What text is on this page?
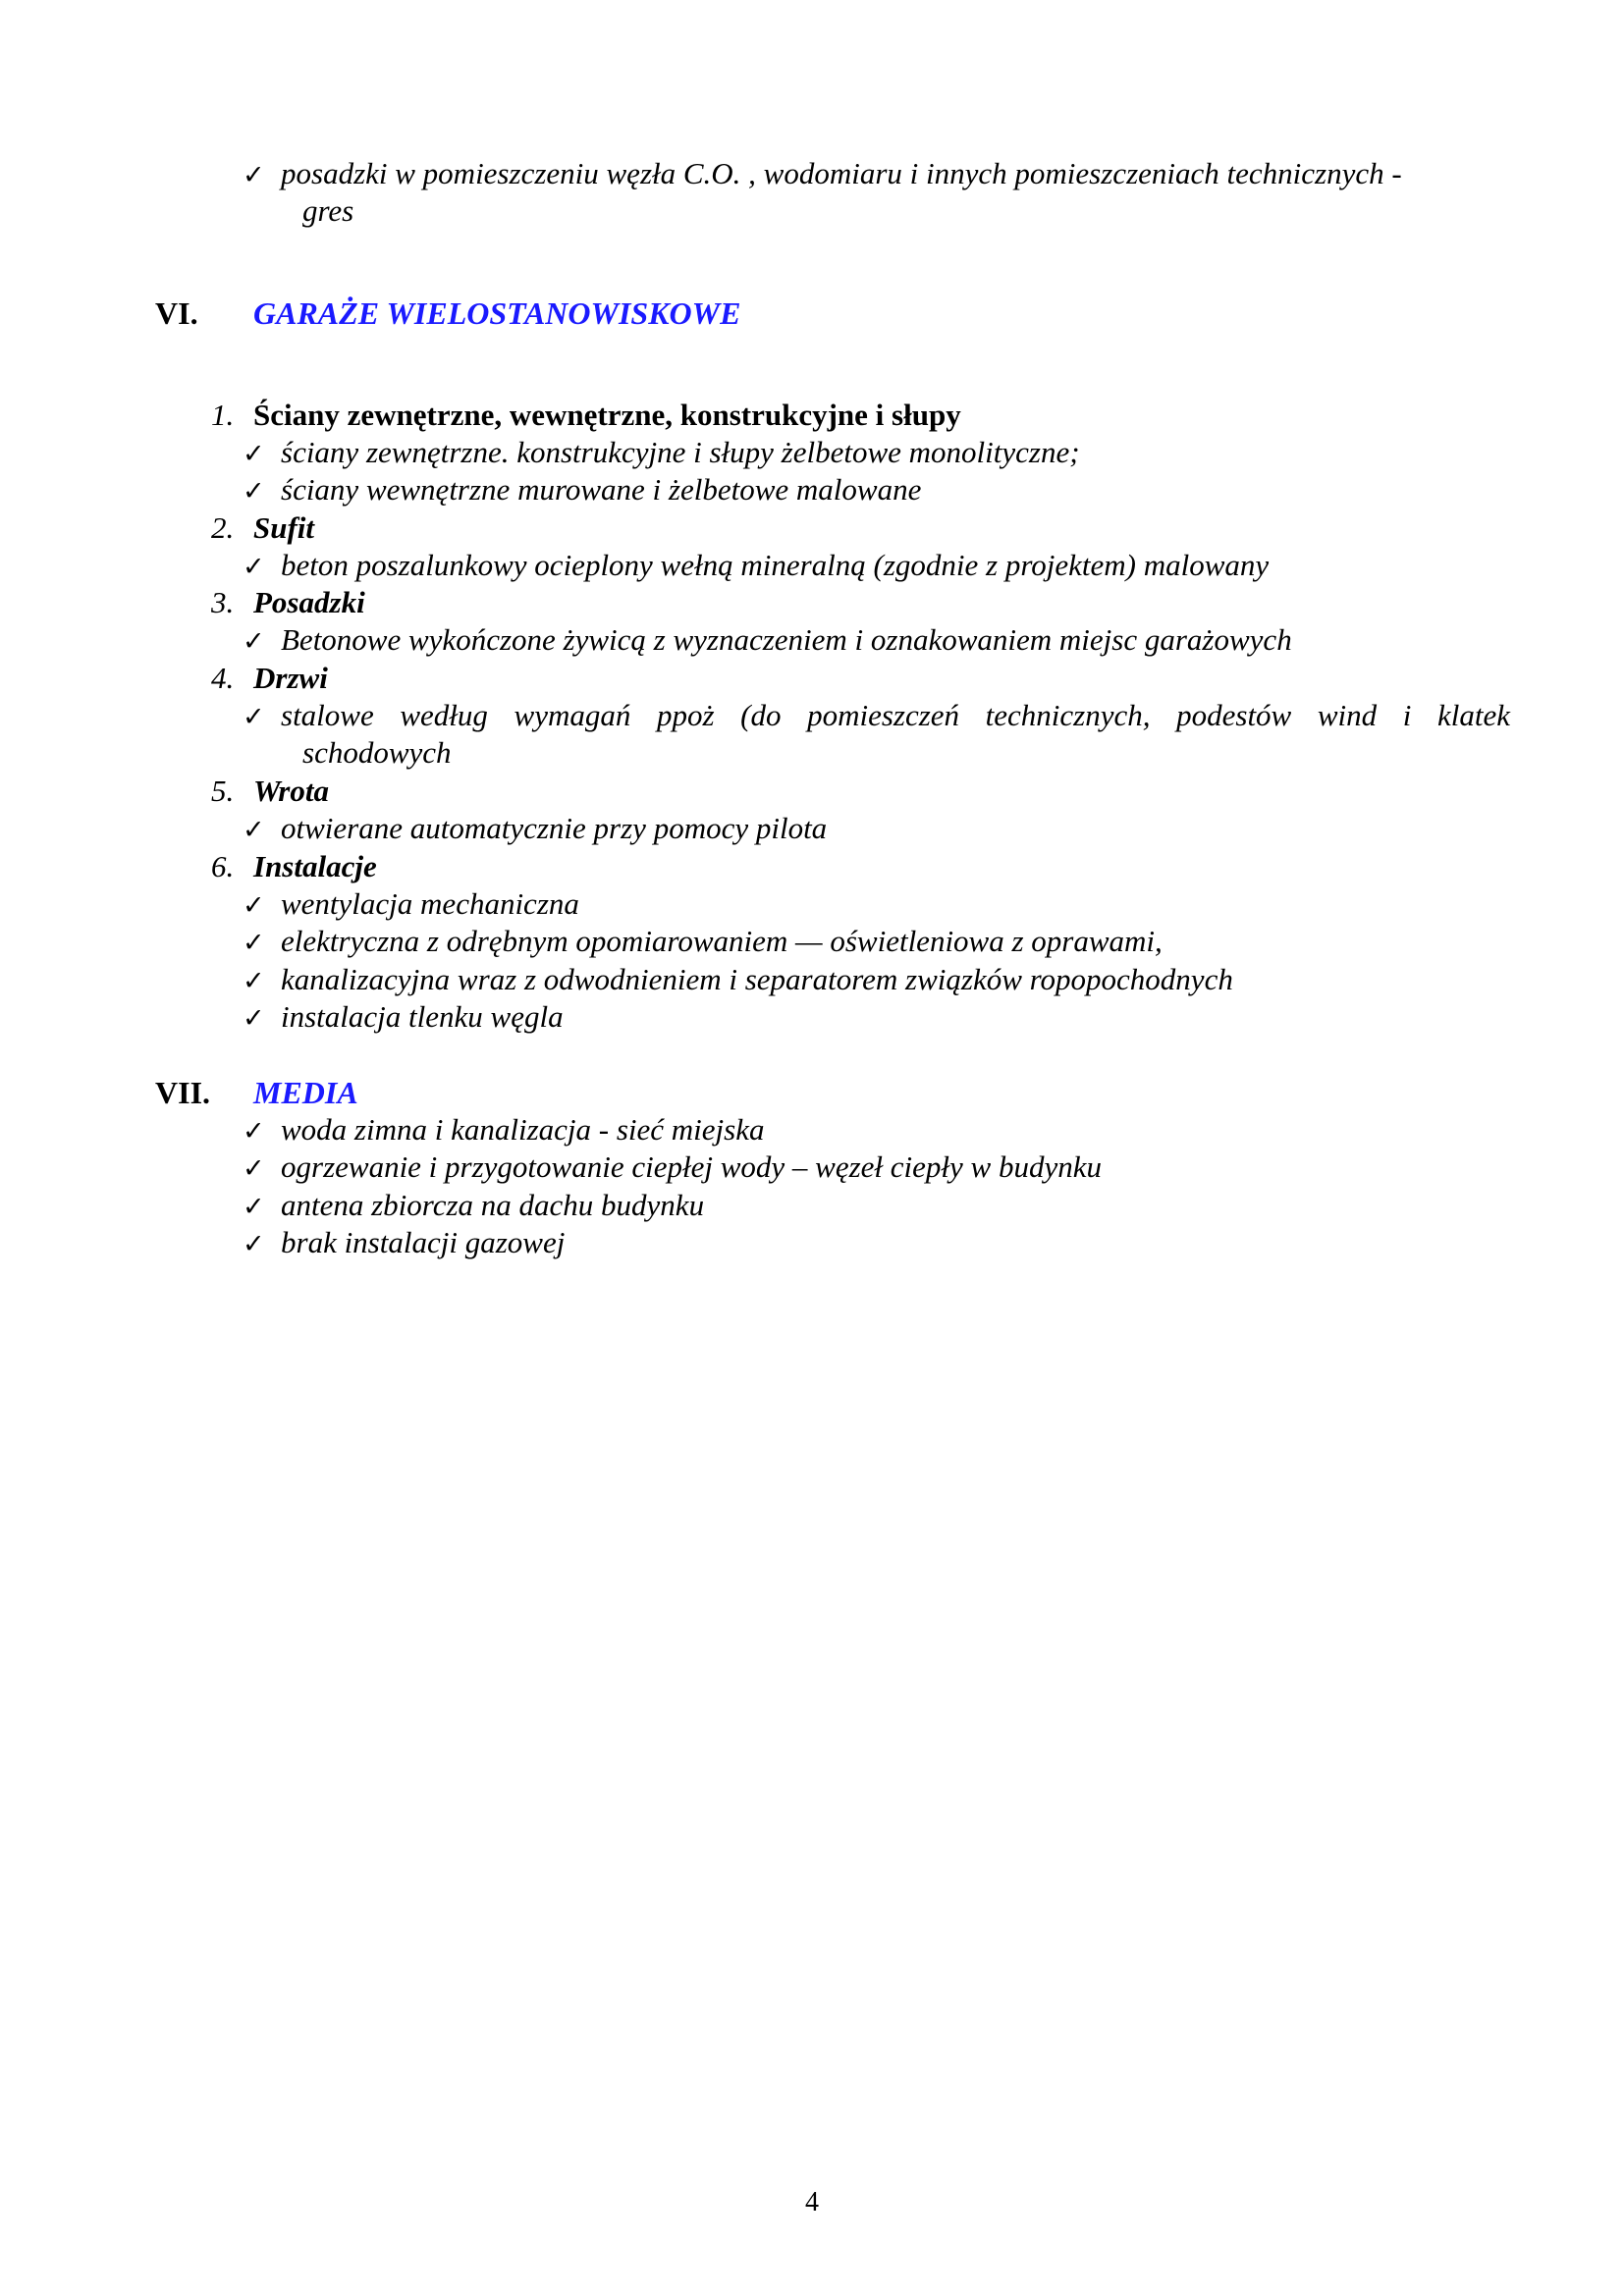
✓
posadzki w pomieszczeniu węzła C.O. , wodomiaru i innych pomieszczeniach technicznych -
gres
VI. GARAŻE WIELOSTANOWISKOWE
1. Ściany zewnętrzne, wewnętrzne, konstrukcyjne i słupy
✓
ściany zewnętrzne. konstrukcyjne i słupy żelbetowe monolityczne;
✓
ściany wewnętrzne murowane i żelbetowe malowane
2. Sufit
✓
beton poszalunkowy ocieplony wełną mineralną (zgodnie z projektem) malowany
3. Posadzki
✓
Betonowe wykończone żywicą z wyznaczeniem i oznakowaniem miejsc garażowych
4. Drzwi
✓
stalowe według wymagań ppoż (do pomieszczeń technicznych, podestów wind i klatek
schodowych
5. Wrota
✓
otwierane automatycznie przy pomocy pilota
6. Instalacje
✓
wentylacja mechaniczna
✓
elektryczna z odrębnym opomiarowaniem — oświetleniowa z oprawami,
✓
kanalizacyjna wraz z odwodnieniem i separatorem związków ropopochodnych
✓
instalacja tlenku węgla
VII. MEDIA
✓
woda zimna i kanalizacja - sieć miejska
✓
ogrzewanie i przygotowanie ciepłej wody – węzeł ciepły w budynku
✓
antena zbiorcza na dachu budynku
✓
brak instalacji gazowej
4
